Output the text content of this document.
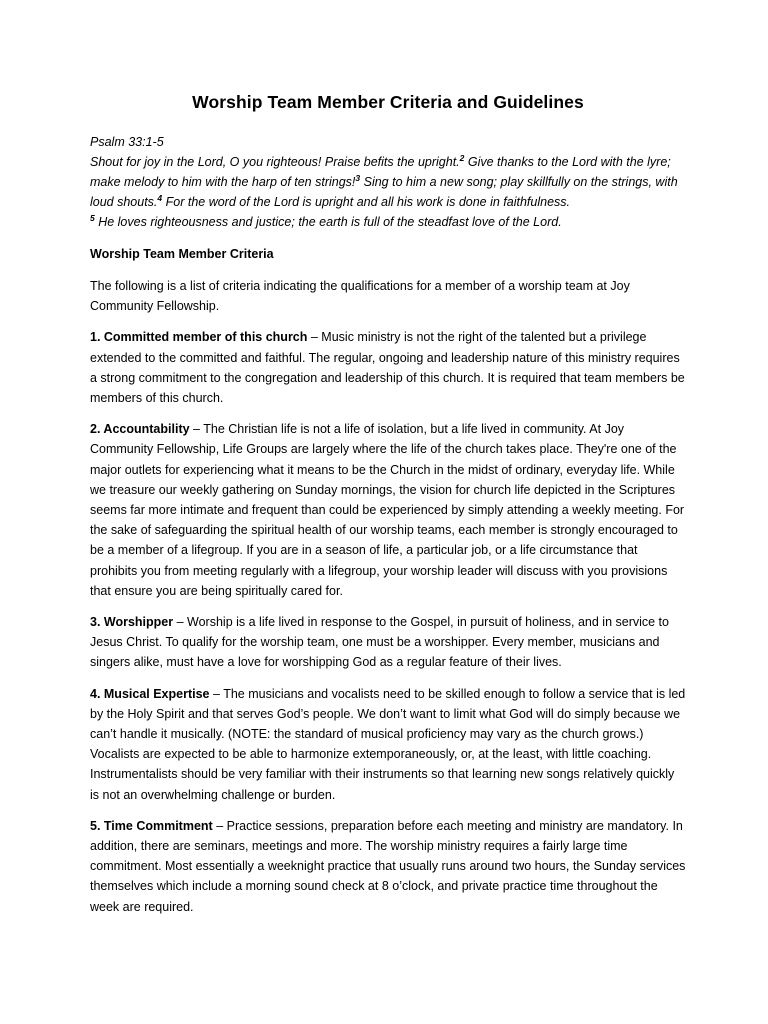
Worship Team Member Criteria and Guidelines

Psalm 33:1-5
Shout for joy in the Lord, O you righteous! Praise befits the upright.$^2$ Give thanks to the Lord with the lyre; make melody to him with the harp of ten strings!$^3$ Sing to him a new song; play skillfully on the strings, with loud shouts.$^4$ For the word of the Lord is upright and all his work is done in faithfulness.
$^5$ He loves righteousness and justice; the earth is full of the steadfast love of the Lord.

Worship Team Member Criteria

The following is a list of criteria indicating the qualifications for a member of a worship team at Joy Community Fellowship.

1. Committed member of this church – Music ministry is not the right of the talented but a privilege extended to the committed and faithful. The regular, ongoing and leadership nature of this ministry requires a strong commitment to the congregation and leadership of this church. It is required that team members be members of this church.

2. Accountability – The Christian life is not a life of isolation, but a life lived in community. At Joy Community Fellowship, Life Groups are largely where the life of the church takes place. They're one of the major outlets for experiencing what it means to be the Church in the midst of ordinary, everyday life. While we treasure our weekly gathering on Sunday mornings, the vision for church life depicted in the Scriptures seems far more intimate and frequent than could be experienced by simply attending a weekly meeting. For the sake of safeguarding the spiritual health of our worship teams, each member is strongly encouraged to be a member of a lifegroup. If you are in a season of life, a particular job, or a life circumstance that prohibits you from meeting regularly with a lifegroup, your worship leader will discuss with you provisions that ensure you are being spiritually cared for.

3. Worshipper – Worship is a life lived in response to the Gospel, in pursuit of holiness, and in service to Jesus Christ. To qualify for the worship team, one must be a worshipper. Every member, musicians and singers alike, must have a love for worshipping God as a regular feature of their lives.

4. Musical Expertise – The musicians and vocalists need to be skilled enough to follow a service that is led by the Holy Spirit and that serves God’s people. We don’t want to limit what God will do simply because we can’t handle it musically. (NOTE: the standard of musical proficiency may vary as the church grows.) Vocalists are expected to be able to harmonize extemporaneously, or, at the least, with little coaching. Instrumentalists should be very familiar with their instruments so that learning new songs relatively quickly is not an overwhelming challenge or burden.

5. Time Commitment – Practice sessions, preparation before each meeting and ministry are mandatory. In addition, there are seminars, meetings and more. The worship ministry requires a fairly large time commitment. Most essentially a weeknight practice that usually runs around two hours, the Sunday services themselves which include a morning sound check at 8 o’clock, and private practice time throughout the week are required.
